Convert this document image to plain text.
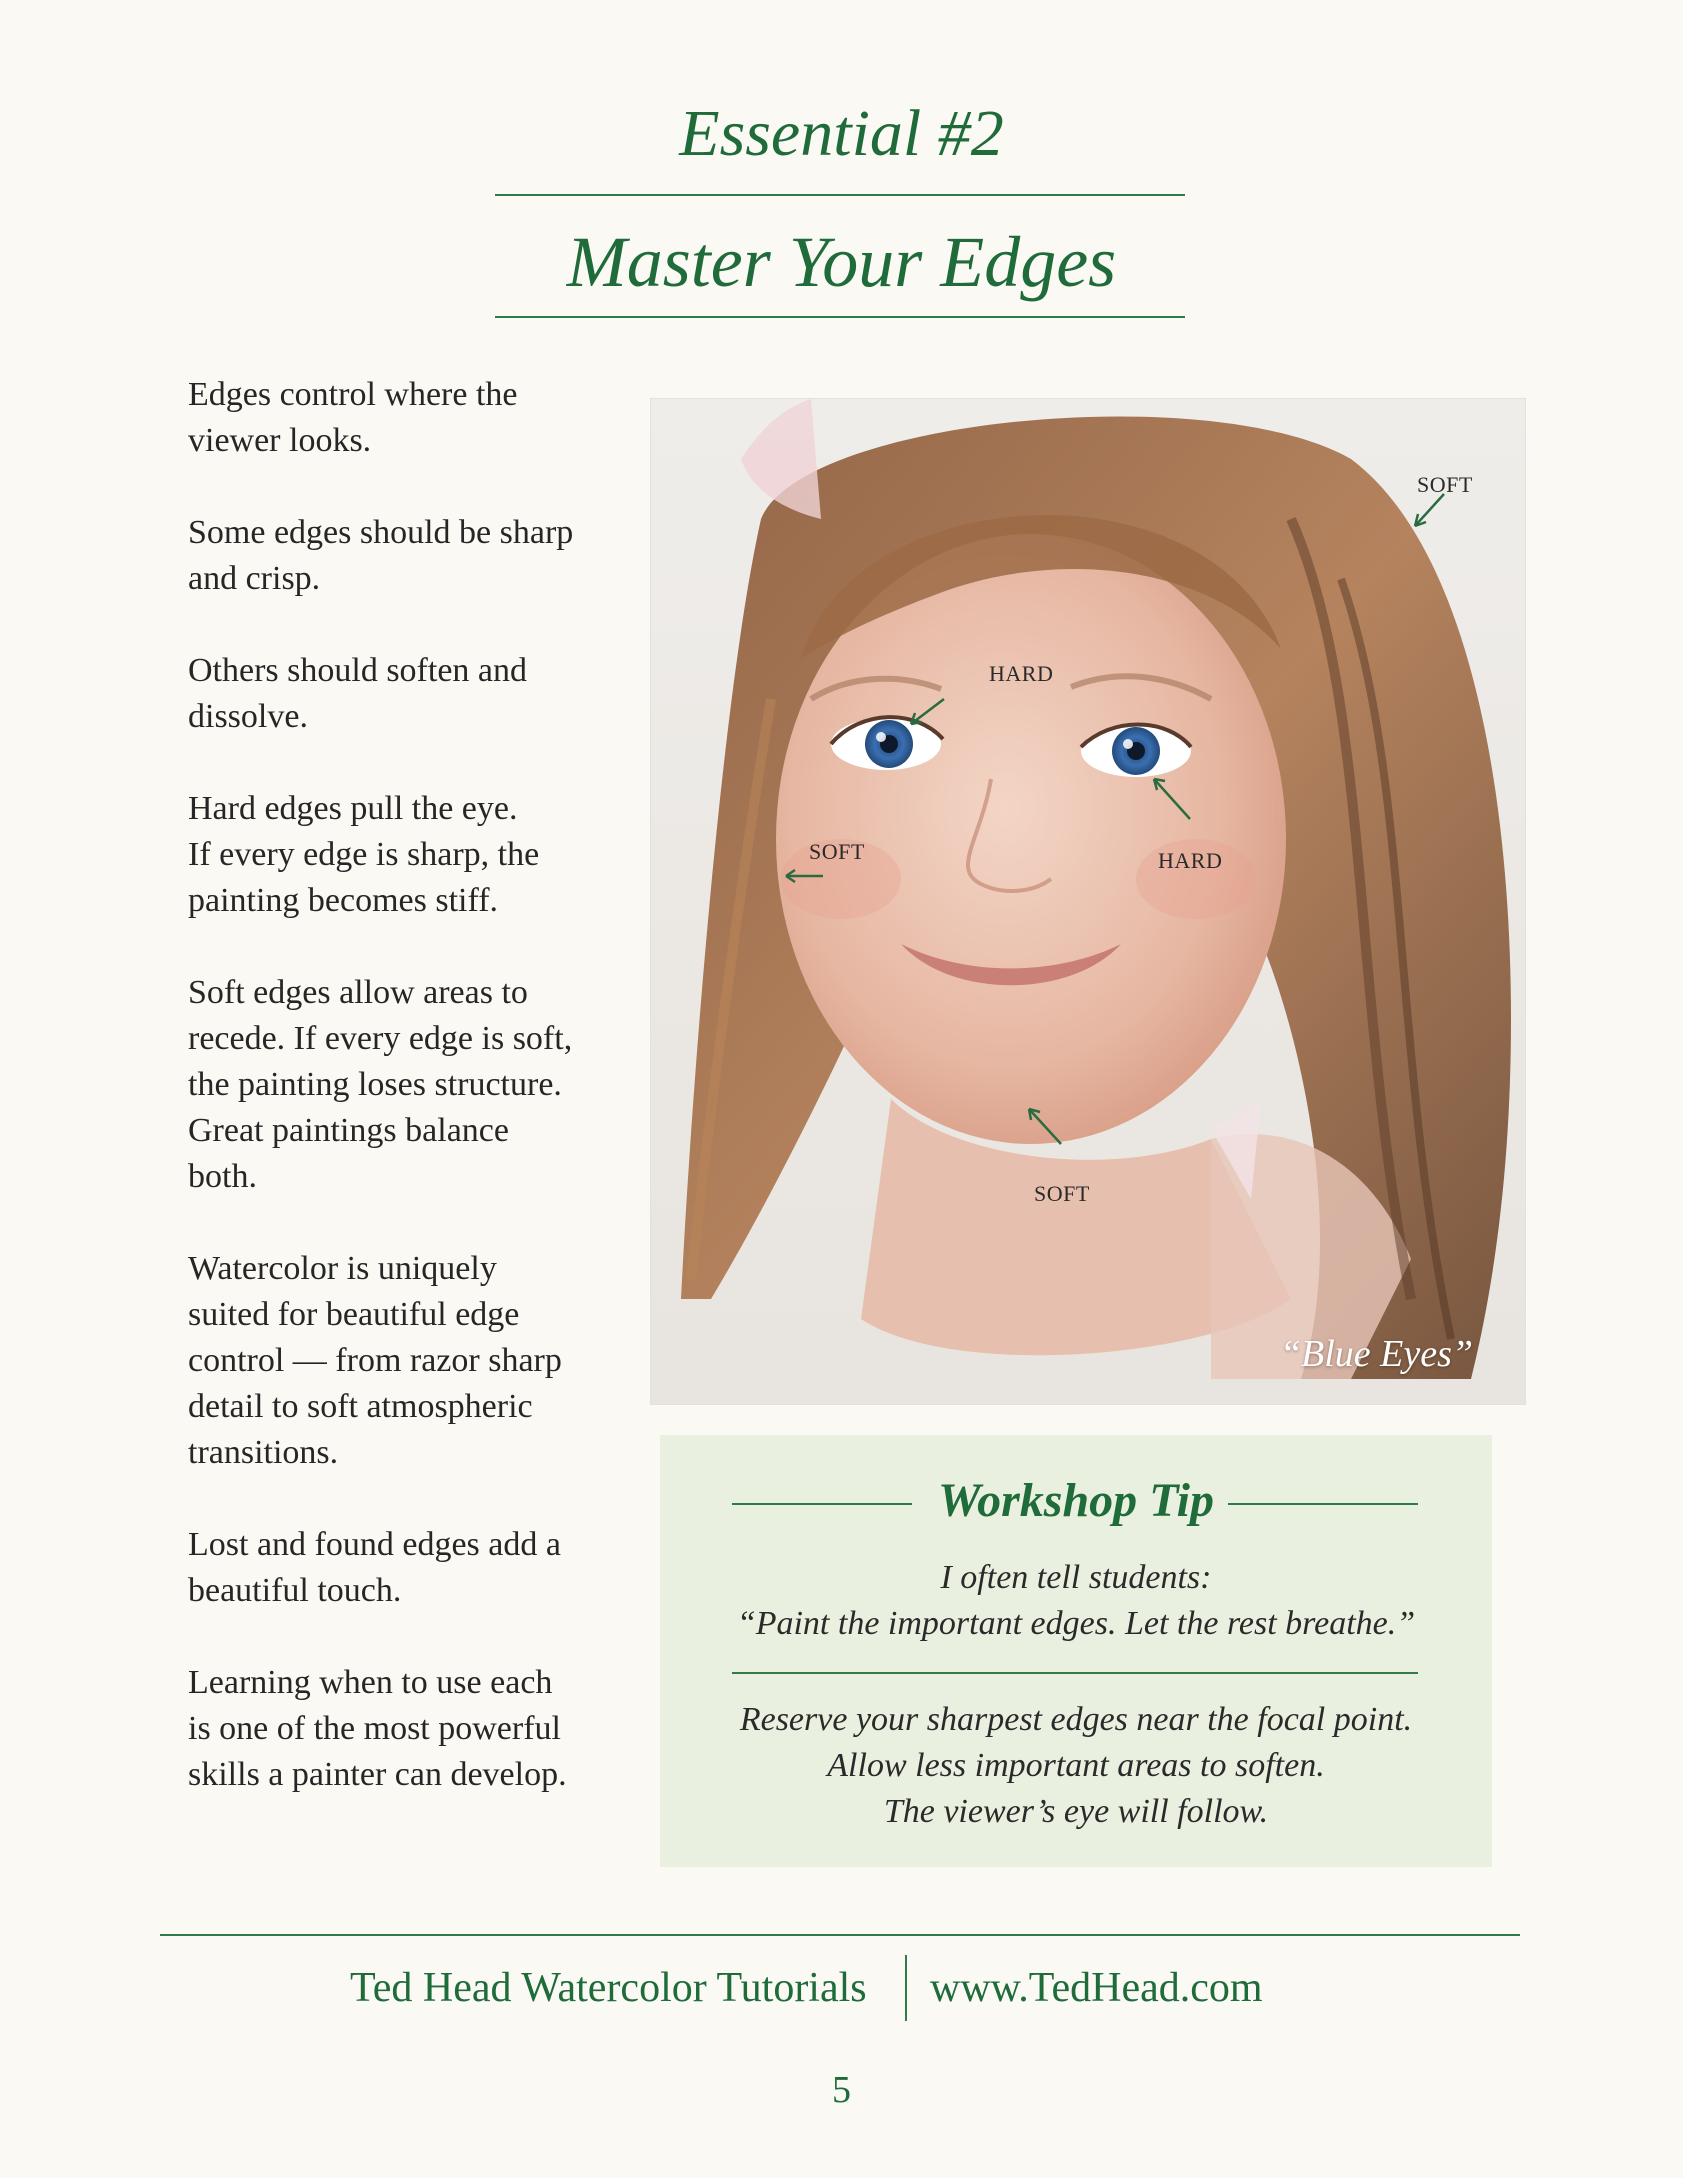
Essential #2
Master Your Edges

Edges control where the
viewer looks.

Some edges should be sharp
and crisp.

Others should soften and
dissolve.

Hard edges pull the eye.
If every edge is sharp, the
painting becomes stiff.

Soft edges allow areas to
recede. If every edge is soft,
the painting loses structure.
Great paintings balance
both.

Watercolor is uniquely
suited for beautiful edge
control — from razor sharp
detail to soft atmospheric
transitions.

Lost and found edges add a
beautiful touch.

Learning when to use each
is one of the most powerful
skills a painter can develop.

SOFT
HARD
SOFT	HARD
SOFT
“Blue Eyes”
Workshop Tip
I often tell students:
“Paint the important edges. Let the rest breathe.”
Reserve your sharpest edges near the focal point.
Allow less important areas to soften.
The viewer’s eye will follow.
Ted Head Watercolor Tutorials www.TedHead.com
5
